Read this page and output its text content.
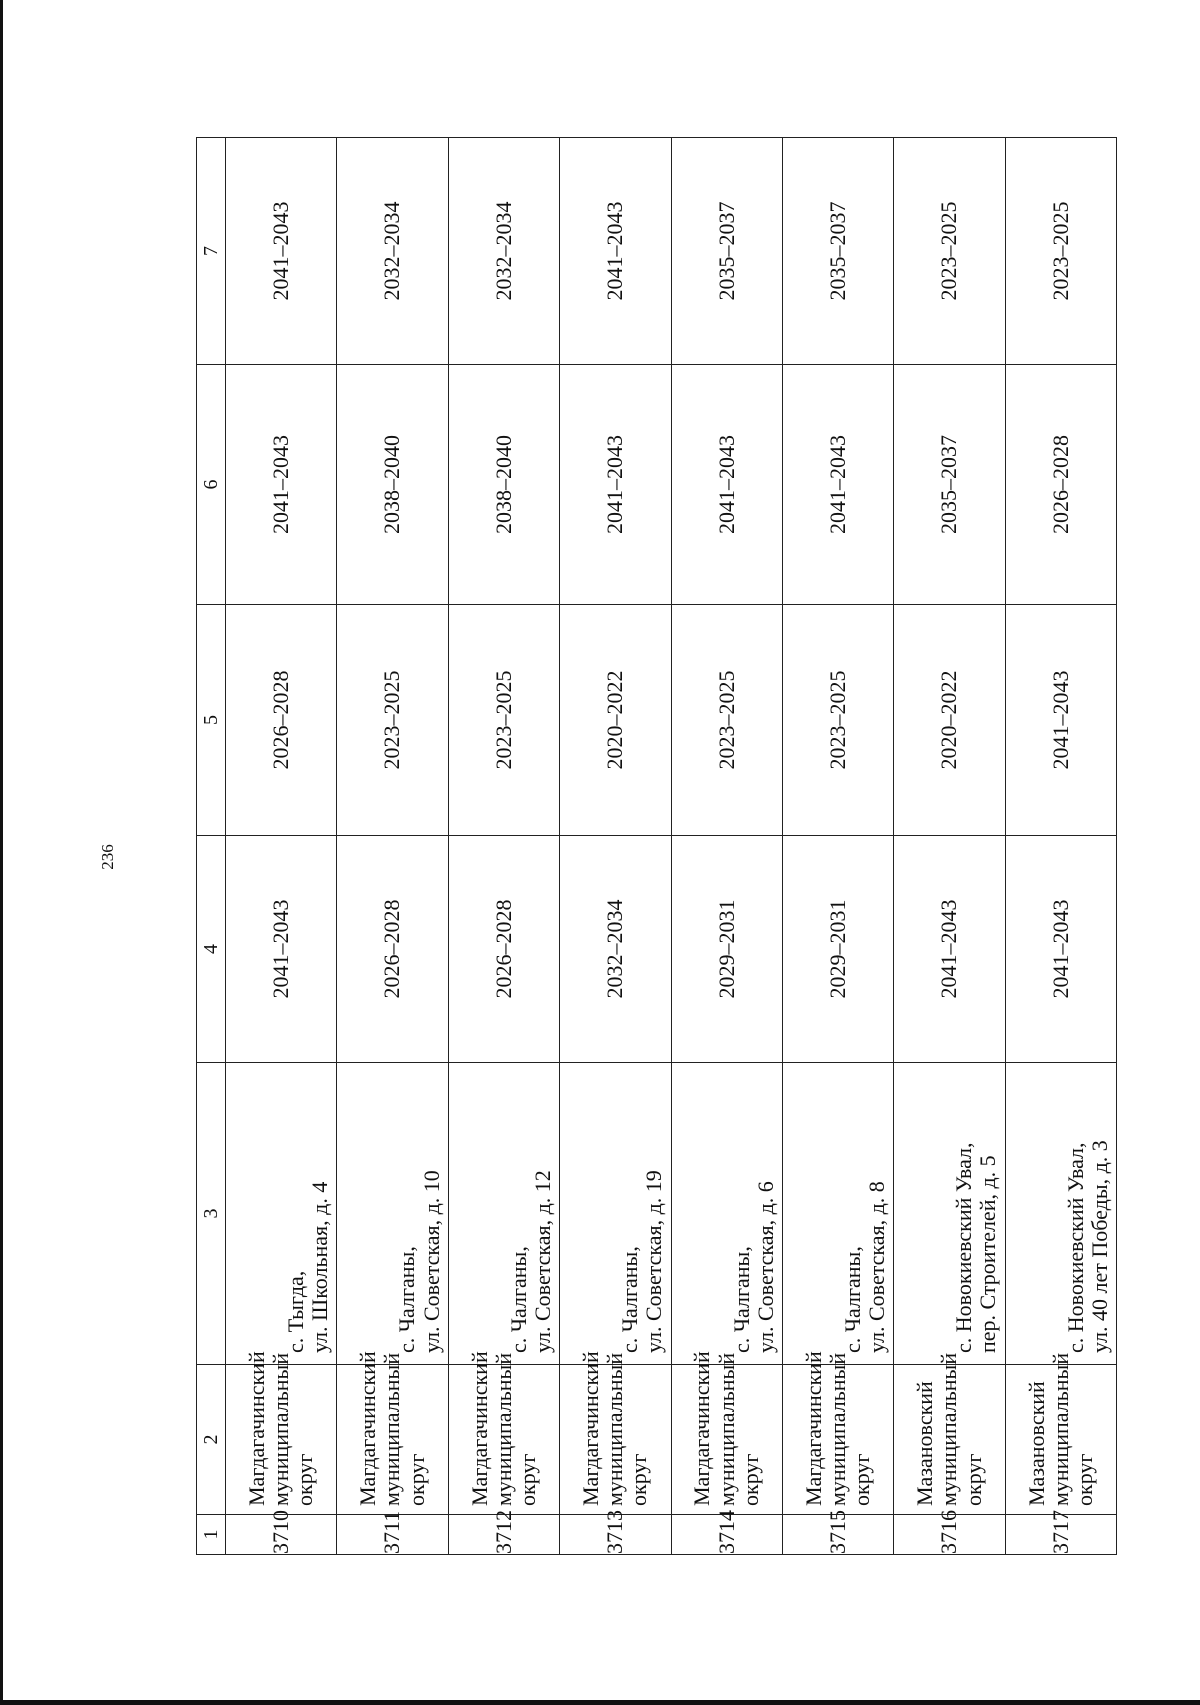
236
1	2	3	4	5	6	7
3710	Магдагачинский
муниципальный
округ	с. Тыгда,
ул. Школьная, д. 4	2041–2043	2026–2028	2041–2043	2041–2043
3711	Магдагачинский
муниципальный
округ	с. Чалганы,
ул. Советская, д. 10	2026–2028	2023–2025	2038–2040	2032–2034
3712	Магдагачинский
муниципальный
округ	с. Чалганы,
ул. Советская, д. 12	2026–2028	2023–2025	2038–2040	2032–2034
3713	Магдагачинский
муниципальный
округ	с. Чалганы,
ул. Советская, д. 19	2032–2034	2020–2022	2041–2043	2041–2043
3714	Магдагачинский
муниципальный
округ	с. Чалганы,
ул. Советская, д. 6	2029–2031	2023–2025	2041–2043	2035–2037
3715	Магдагачинский
муниципальный
округ	с. Чалганы,
ул. Советская, д. 8	2029–2031	2023–2025	2041–2043	2035–2037
3716	Мазановский
муниципальный
округ	с. Новокиевский Увал,
пер. Строителей, д. 5	2041–2043	2020–2022	2035–2037	2023–2025
3717	Мазановский
муниципальный
округ	с. Новокиевский Увал,
ул. 40 лет Победы, д. 3	2041–2043	2041–2043	2026–2028	2023–2025
